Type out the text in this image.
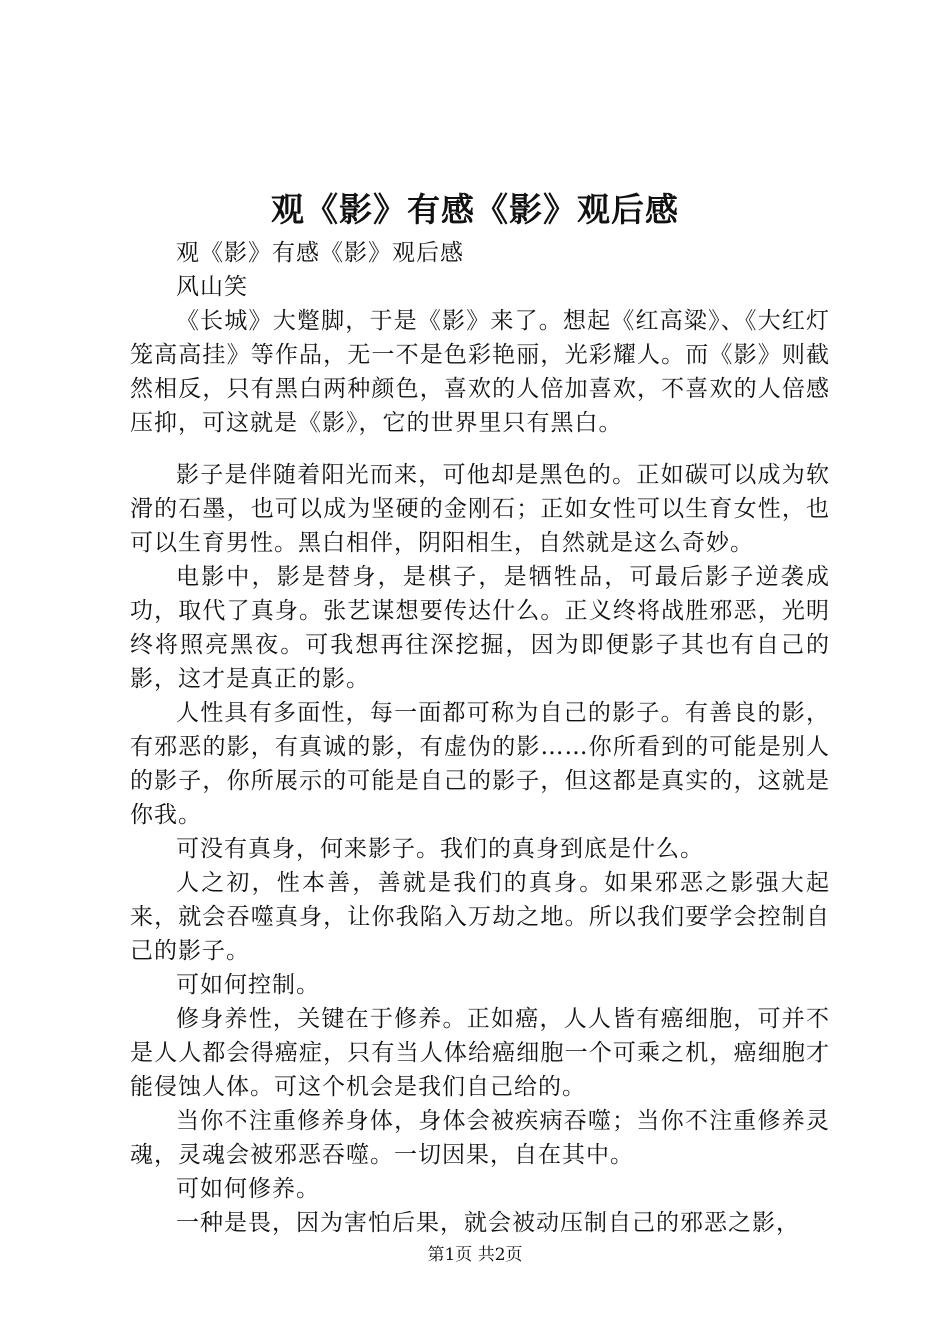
观《影》有感《影》观后感

观《影》有感《影》观后感

风山笑

《长城》大蹩脚，于是《影》来了。想起《红高粱》、《大红灯笼高高挂》等作品，无一不是色彩艳丽，光彩耀人。而《影》则截然相反，只有黑白两种颜色，喜欢的人倍加喜欢，不喜欢的人倍感压抑，可这就是《影》，它的世界里只有黑白。

影子是伴随着阳光而来，可他却是黑色的。正如碳可以成为软滑的石墨，也可以成为坚硬的金刚石；正如女性可以生育女性，也可以生育男性。黑白相伴，阴阳相生，自然就是这么奇妙。

电影中，影是替身，是棋子，是牺牲品，可最后影子逆袭成功，取代了真身。张艺谋想要传达什么。正义终将战胜邪恶，光明终将照亮黑夜。可我想再往深挖掘，因为即便影子其也有自己的影，这才是真正的影。

人性具有多面性，每一面都可称为自己的影子。有善良的影，有邪恶的影，有真诚的影，有虚伪的影……你所看到的可能是别人的影子，你所展示的可能是自己的影子，但这都是真实的，这就是你我。

可没有真身，何来影子。我们的真身到底是什么。

人之初，性本善，善就是我们的真身。如果邪恶之影强大起来，就会吞噬真身，让你我陷入万劫之地。所以我们要学会控制自己的影子。

可如何控制。

修身养性，关键在于修养。正如癌，人人皆有癌细胞，可并不是人人都会得癌症，只有当人体给癌细胞一个可乘之机，癌细胞才能侵蚀人体。可这个机会是我们自己给的。

当你不注重修养身体，身体会被疾病吞噬；当你不注重修养灵魂，灵魂会被邪恶吞噬。一切因果，自在其中。

可如何修养。

一种是畏，因为害怕后果，就会被动压制自己的邪恶之影，

第1页 共2页
